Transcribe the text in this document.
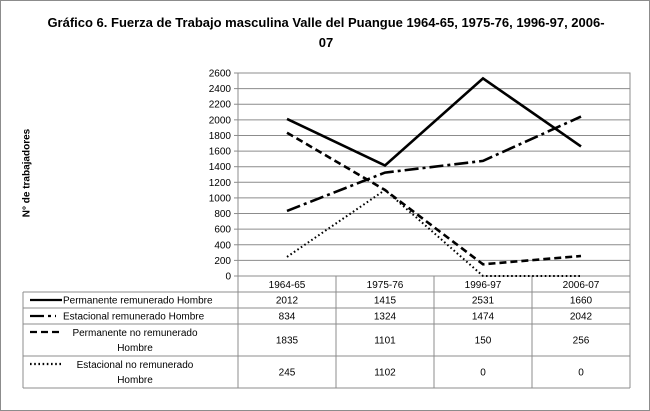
Gráfico 6. Fuerza de Trabajo masculina Valle del Puangue 1964-65, 1975-76, 1996-97, 2006-07
N° de trabajadores
0
200
400
600
800
1000
1200
1400
1600
1800
2000
2200
2400
2600
1964-65	1975-76	1996-97	2006-07
Permanente remunerado Hombre	2012	1415	2531	1660
Estacional remunerado Hombre	834	1324	1474	2042
Permanente no remunerado
Hombre
1835	1101	150	256
Estacional no remunerado
Hombre
245	1102	0	0
